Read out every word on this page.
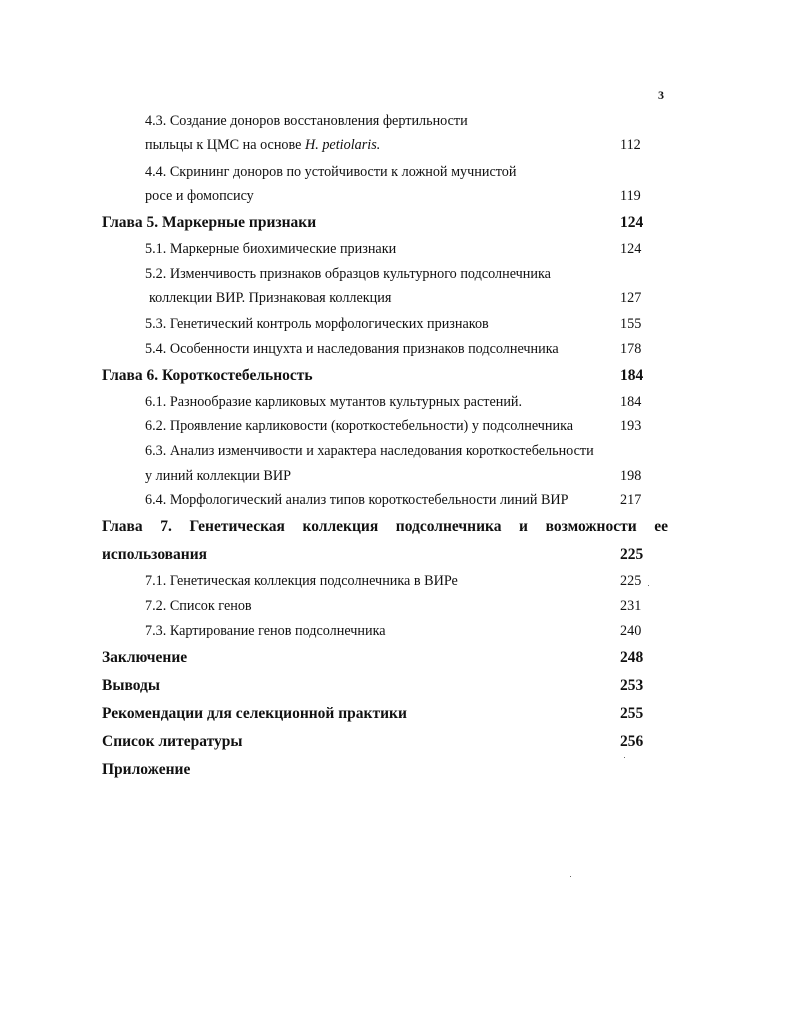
3
4.3. Создание доноров восстановления фертильности
пыльцы к ЦМС на основе H. petiolaris.	112
4.4. Скрининг доноров по устойчивости к ложной мучнистой
росе и фомопсису	119
Глава 5. Маркерные признаки	124
5.1. Маркерные биохимические признаки	124
5.2. Изменчивость признаков образцов культурного подсолнечника
коллекции ВИР. Признаковая коллекция	127
5.3. Генетический контроль морфологических признаков	155
5.4. Особенности инцухта и наследования признаков подсолнечника	178
Глава 6. Короткостебельность	184
6.1. Разнообразие карликовых мутантов культурных растений.	184
6.2. Проявление карликовости (короткостебельности) у подсолнечника	193
6.3. Анализ изменчивости и характера наследования короткостебельности
у линий коллекции ВИР	198
6.4. Морфологический анализ типов короткостебельности линий ВИР	217
Глава 7. Генетическая коллекция подсолнечника и возможности ее
использования	225
7.1. Генетическая коллекция подсолнечника в ВИРе	225
7.2. Список генов	231
7.3. Картирование генов подсолнечника	240
Заключение	248
Выводы	253
Рекомендации для селекционной практики	255
Список литературы	256
Приложение
